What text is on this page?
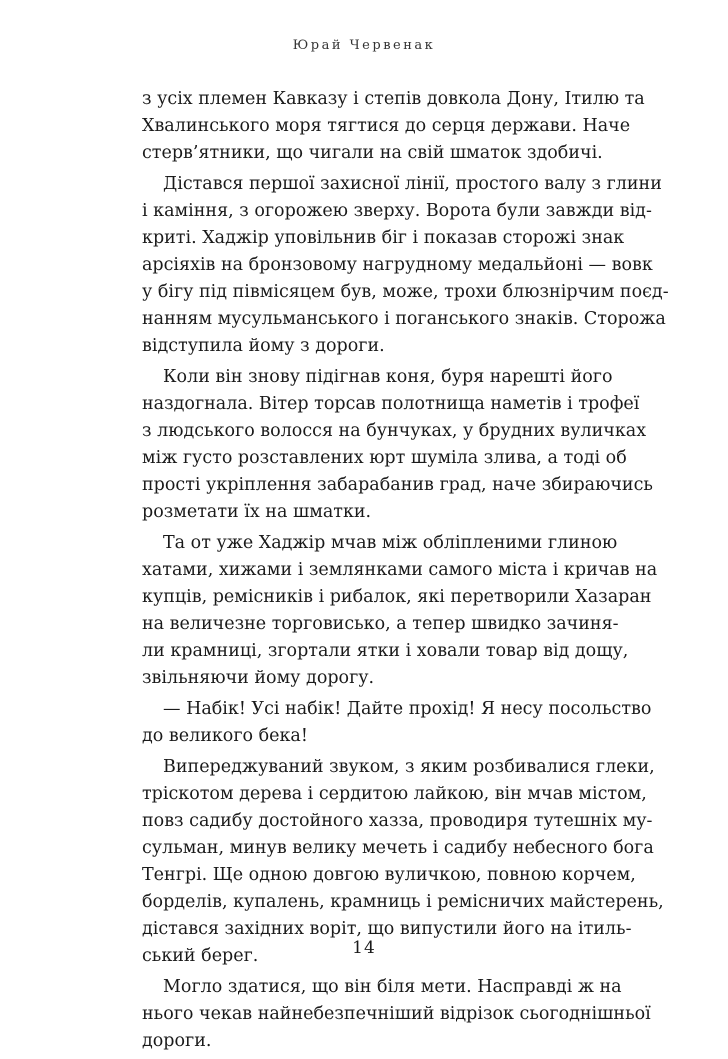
Юрай Червенак
з усіх племен Кавказу і степів довкола Дону, Ітилю та
Хвалинського моря тягтися до серця держави. Наче
стерв’ятники, що чигали на свій шматок здобичі.
Дістався першої захисної лінії, простого валу з глини
і каміння, з огорожею зверху. Ворота були завжди від-
криті. Хаджір уповільнив біг і показав сторожі знак
арсіяхів на бронзовому нагрудному медальйоні — вовк
у бігу під півмісяцем був, може, трохи блюзнірчим поєд-
нанням мусульманського і поганського знаків. Сторожа
відступила йому з дороги.
Коли він знову підігнав коня, буря нарешті його
наздогнала. Вітер торсав полотнища наметів і трофеї
з людського волосся на бунчуках, у брудних вуличках
між густо розставлених юрт шуміла злива, а тоді об
прості укріплення забарабанив град, наче збираючись
розметати їх на шматки.
Та от уже Хаджір мчав між обліпленими глиною
хатами, хижами і землянками самого міста і кричав на
купців, ремісників і рибалок, які перетворили Хазаран
на величезне торговисько, а тепер швидко зачиня-
ли крамниці, згортали ятки і ховали товар від дощу,
звільняючи йому дорогу.
— Набік! Усі набік! Дайте прохід! Я несу посольство
до великого бека!
Випереджуваний звуком, з яким розбивалися глеки,
тріскотом дерева і сердитою лайкою, він мчав містом,
повз садибу достойного хазза, проводиря тутешніх му-
сульман, минув велику мечеть і садибу небесного бога
Тенгрі. Ще одною довгою вуличкою, повною корчем,
борделів, купалень, крамниць і ремісничих майстерень,
дістався західних воріт, що випустили його на ітиль-
ський берег.
Могло здатися, що він біля мети. Насправді ж на
нього чекав найнебезпечніший відрізок сьогоднішньої
дороги.
14
